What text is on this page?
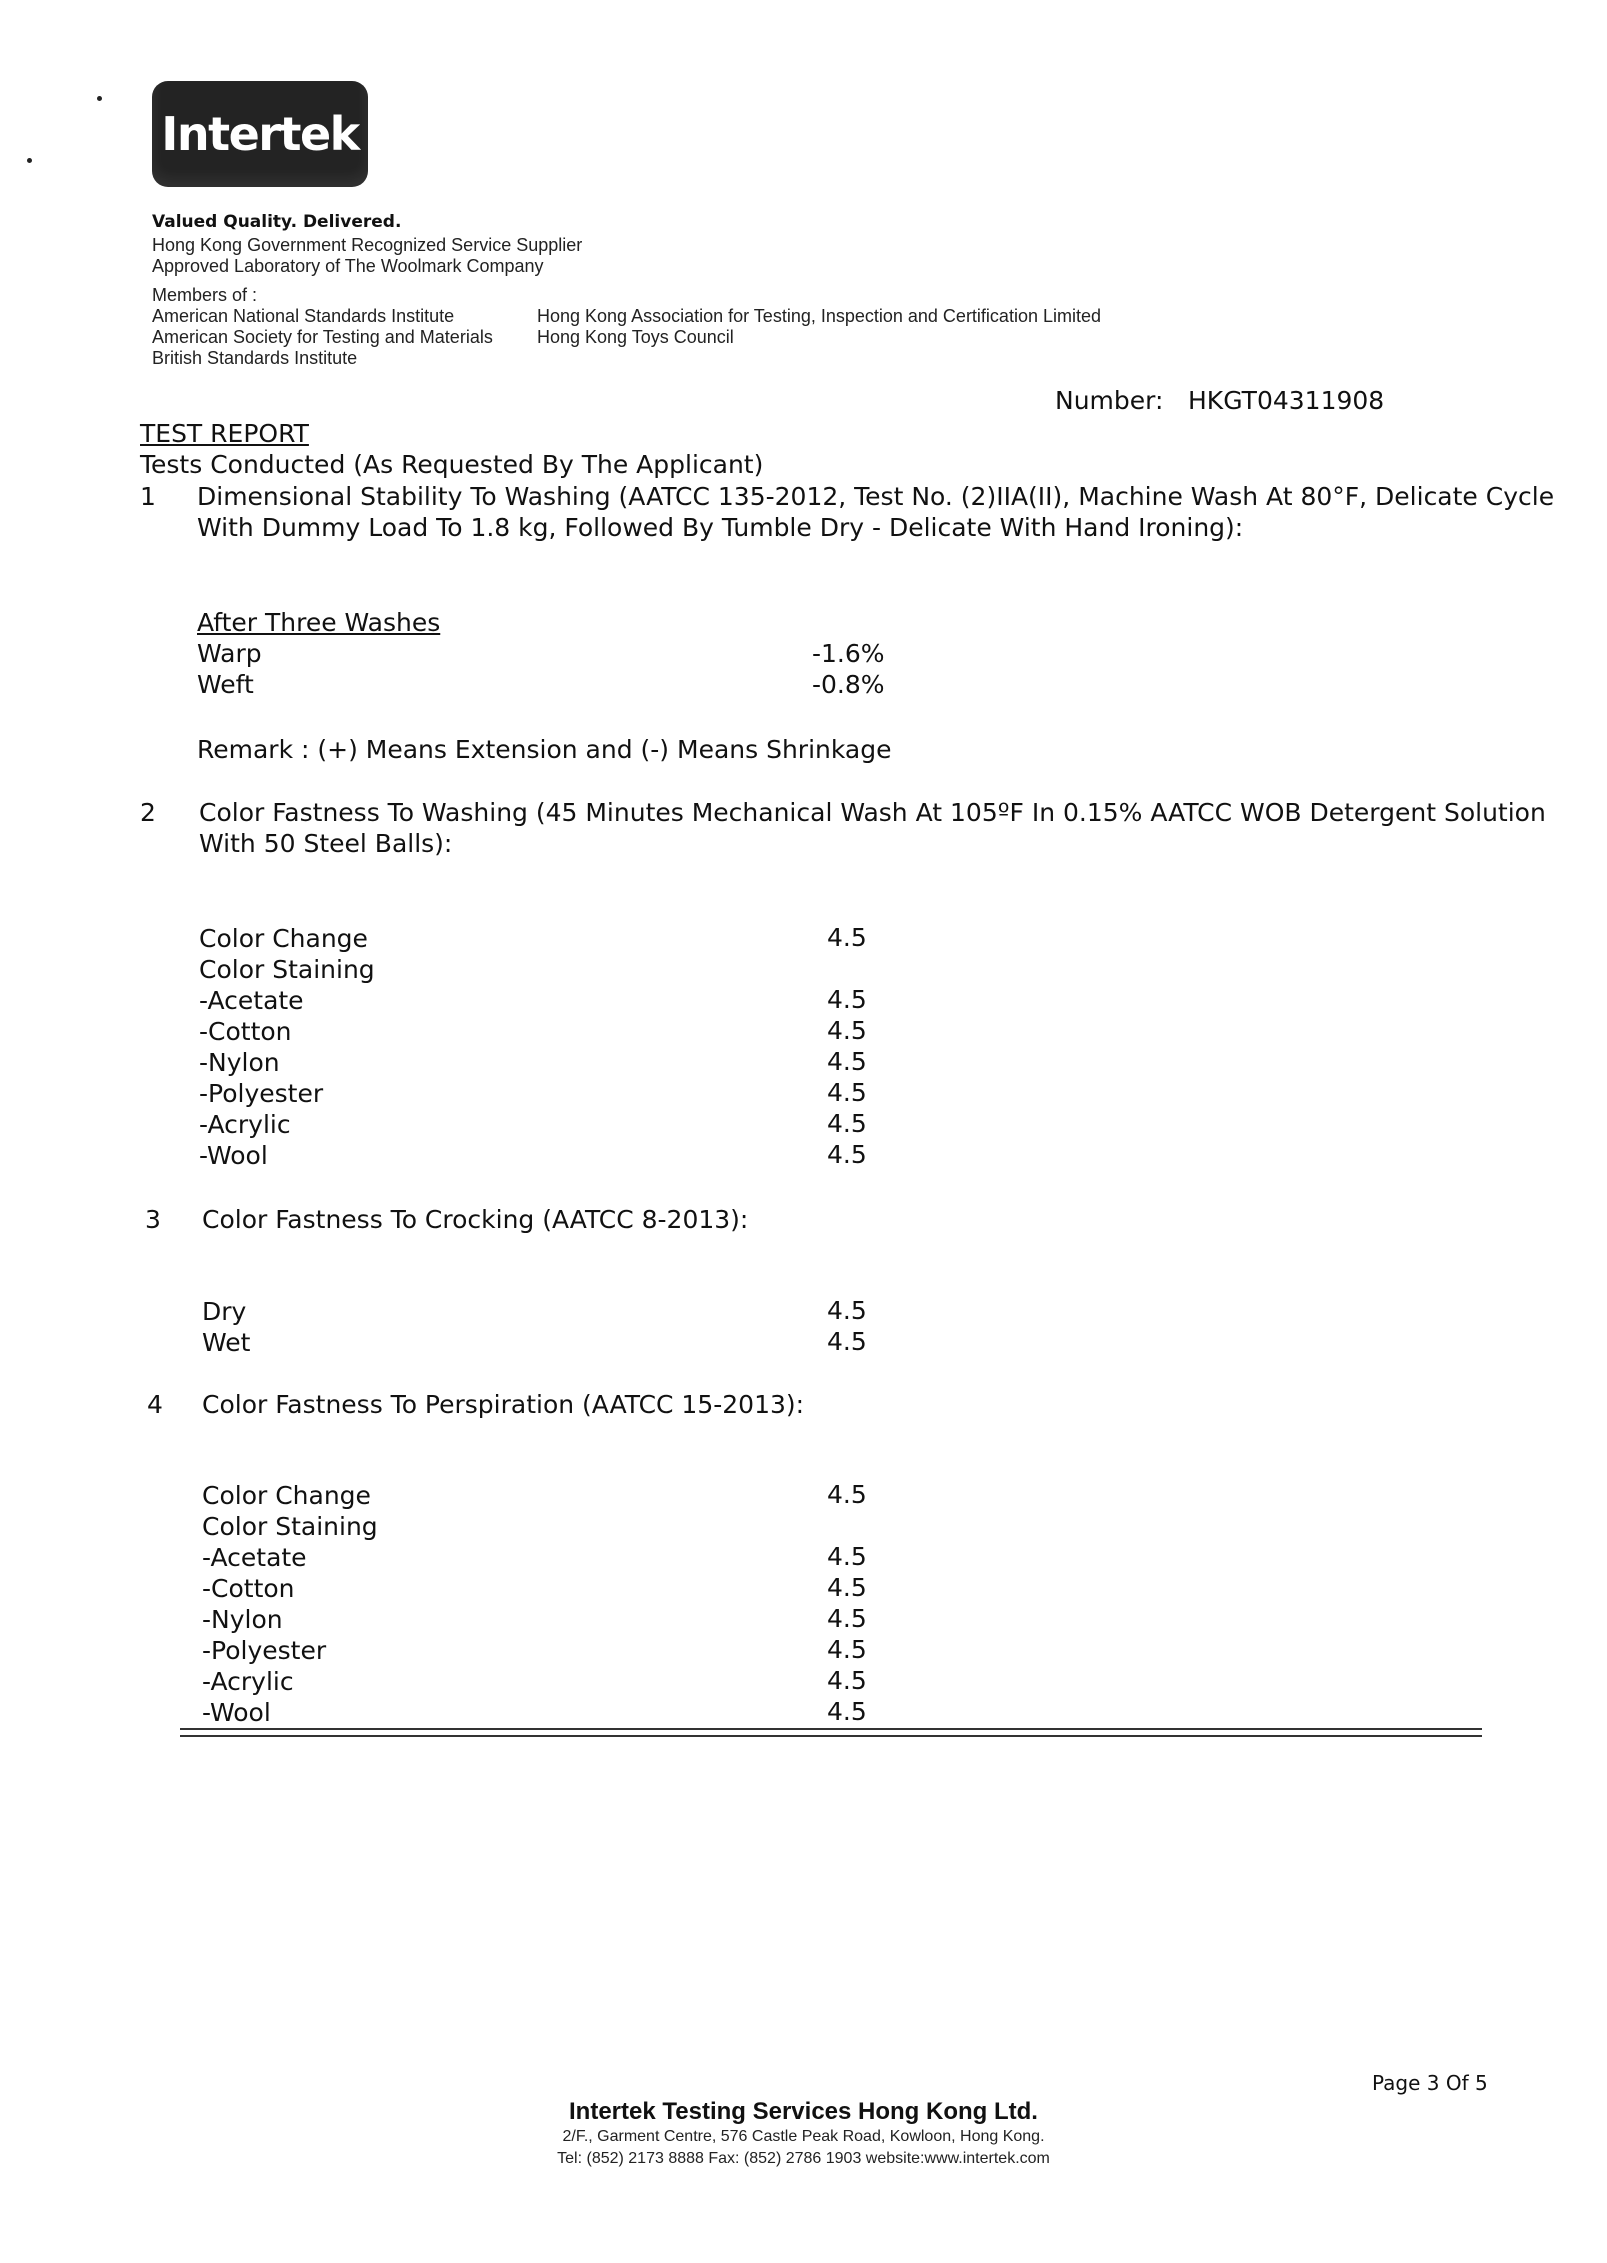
Intertek
Valued Quality. Delivered.
Hong Kong Government Recognized Service Supplier
Approved Laboratory of The Woolmark Company
Members of :
American National Standards Institute
American Society for Testing and Materials
British Standards Institute
Hong Kong Association for Testing, Inspection and Certification Limited
Hong Kong Toys Council
Number: HKGT04311908
TEST REPORT
Tests Conducted (As Requested By The Applicant)
1 Dimensional Stability To Washing (AATCC 135-2012, Test No. (2)IIA(II), Machine Wash At 80°F, Delicate Cycle
With Dummy Load To 1.8 kg, Followed By Tumble Dry - Delicate With Hand Ironing):
After Three Washes
Warp	-1.6%
Weft	-0.8%
Remark : (+) Means Extension and (-) Means Shrinkage
2 Color Fastness To Washing (45 Minutes Mechanical Wash At 105ºF In 0.15% AATCC WOB Detergent Solution
With 50 Steel Balls):
Color Change	4.5
Color Staining
-Acetate	4.5
-Cotton	4.5
-Nylon	4.5
-Polyester	4.5
-Acrylic	4.5
-Wool	4.5
3 Color Fastness To Crocking (AATCC 8-2013):
Dry	4.5
Wet	4.5
4 Color Fastness To Perspiration (AATCC 15-2013):
Color Change	4.5
Color Staining
-Acetate	4.5
-Cotton	4.5
-Nylon	4.5
-Polyester	4.5
-Acrylic	4.5
-Wool	4.5
Page 3 Of 5
Intertek Testing Services Hong Kong Ltd.
2/F., Garment Centre, 576 Castle Peak Road, Kowloon, Hong Kong.
Tel: (852) 2173 8888 Fax: (852) 2786 1903 website:www.intertek.com
